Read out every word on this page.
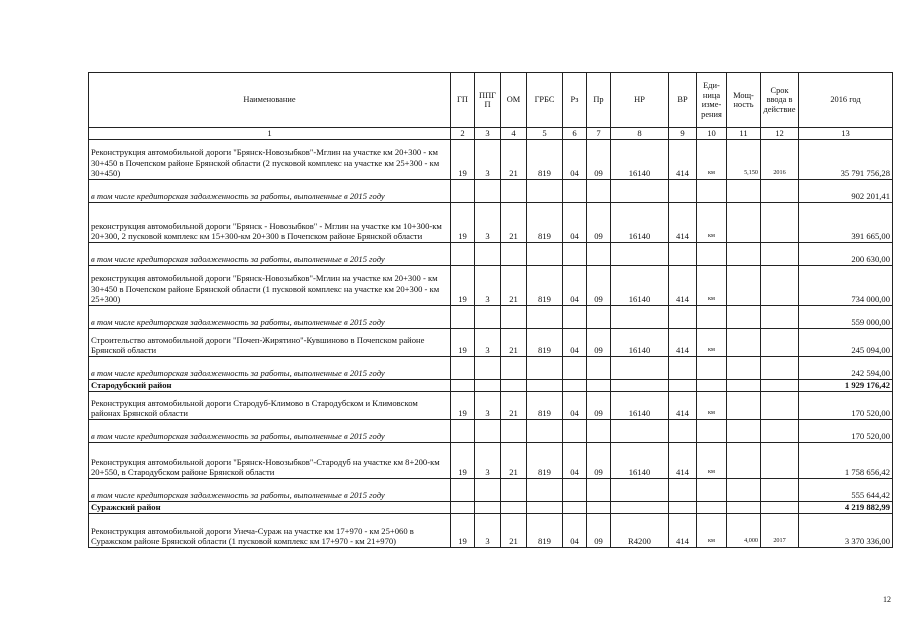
Наименование	ГП	ППГ П	ОМ	ГРБС	Рз	Пр	НР	ВР	Еди- ница изме- рения	Мощ- ность	Срок ввода в действие	2016 год
1	2	3	4	5	6	7	8	9	10	11	12	13
Реконструкция автомобильной дороги "Брянск-Новозыбков"-Мглин на участке км 20+300 - км 30+450 в Почепском районе Брянской области (2 пусковой комплекс на участке км 25+300 - км 30+450)	19	3	21	819	04	09	16140	414	км	5,150	2016	35 791 756,28
в том числе кредиторская задолженность за работы, выполненные в 2015 году												902 201,41
реконструкция автомобильной дороги "Брянск - Новозыбков" - Мглин на участке км 10+300-км 20+300, 2 пусковой комплекс км 15+300-км 20+300 в Почепском районе Брянской области	19	3	21	819	04	09	16140	414	км			391 665,00
в том числе кредиторская задолженность за работы, выполненные в 2015 году												200 630,00
реконструкция автомобильной дороги "Брянск-Новозыбков"-Мглин на участке км 20+300 - км 30+450 в Почепском районе Брянской области (1 пусковой комплекс на участке км 20+300 - км 25+300)	19	3	21	819	04	09	16140	414	км			734 000,00
в том числе кредиторская задолженность за работы, выполненные в 2015 году												559 000,00
Строительство автомобильной дороги "Почеп-Жирятино"-Кувшиново в Почепском районе Брянской области	19	3	21	819	04	09	16140	414	км			245 094,00
в том числе кредиторская задолженность за работы, выполненные в 2015 году												242 594,00
Стародубский район												1 929 176,42
Реконструкция автомобильной дороги Стародуб-Климово в Стародубском и Климовском районах Брянской области	19	3	21	819	04	09	16140	414	км			170 520,00
в том числе кредиторская задолженность за работы, выполненные в 2015 году												170 520,00
Реконструкция автомобильной дороги "Брянск-Новозыбков"-Стародуб на участке км 8+200-км 20+550, в Стародубском районе Брянской области	19	3	21	819	04	09	16140	414	км			1 758 656,42
в том числе кредиторская задолженность за работы, выполненные в 2015 году												555 644,42
Суражский район												4 219 882,99
Реконструкция автомобильной дороги Унеча-Сураж на участке км 17+970 - км 25+060 в Суражском районе Брянской области (1 пусковой комплекс км 17+970 - км 21+970)	19	3	21	819	04	09	R4200	414	км	4,000	2017	3 370 336,00
12
